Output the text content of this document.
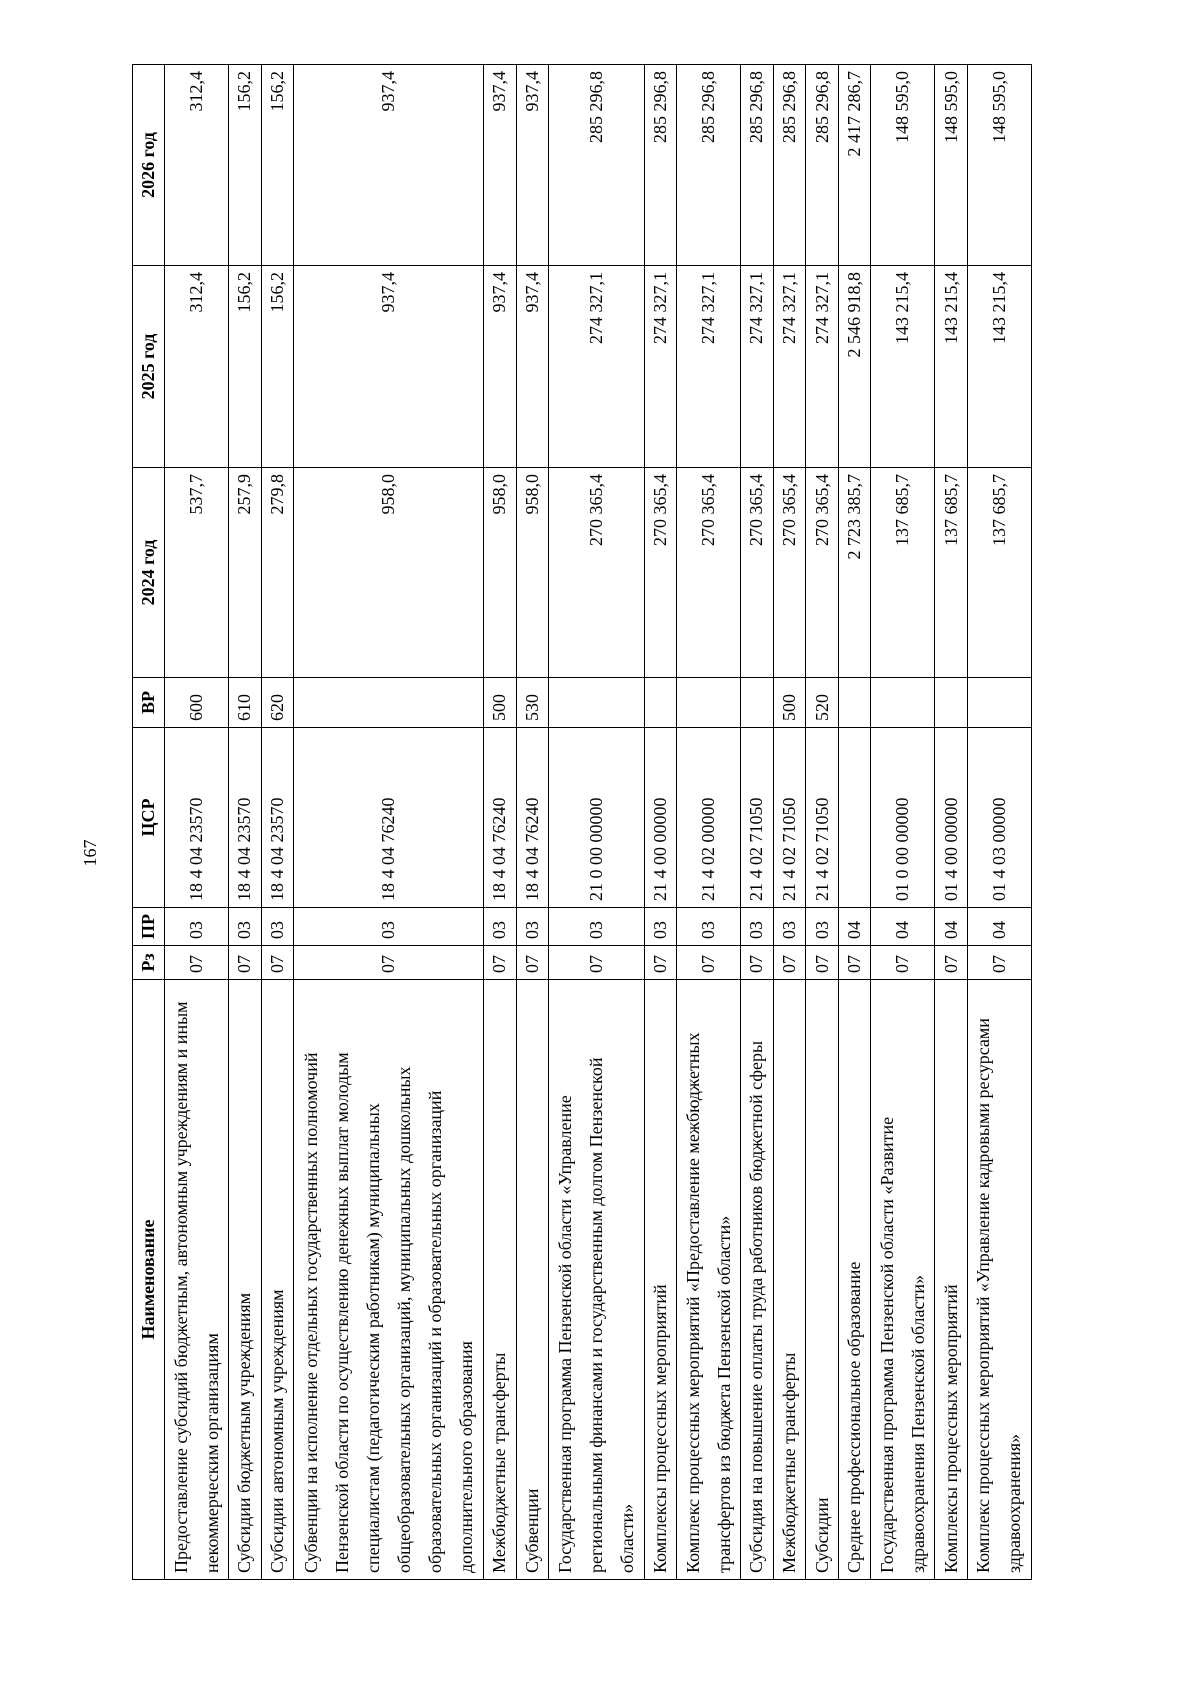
167
Наименование	Рз	ПР	ЦСР	ВР	2024 год	2025 год	2026 год
Предоставление субсидий бюджетным, автономным учреждениям и иным некоммерческим организациям	07	03	18 4 04 23570	600	537,7	312,4	312,4
Субсидии бюджетным учреждениям	07	03	18 4 04 23570	610	257,9	156,2	156,2
Субсидии автономным учреждениям	07	03	18 4 04 23570	620	279,8	156,2	156,2
Субвенции на исполнение отдельных государственных полномочий Пензенской области по осуществлению денежных выплат молодым специалистам (педагогическим работникам) муниципальных общеобразовательных организаций, муниципальных дошкольных образовательных организаций и образовательных организаций дополнительного образования	07	03	18 4 04 76240		958,0	937,4	937,4
Межбюджетные трансферты	07	03	18 4 04 76240	500	958,0	937,4	937,4
Субвенции	07	03	18 4 04 76240	530	958,0	937,4	937,4
Государственная программа Пензенской области «Управление региональными финансами и государственным долгом Пензенской области»	07	03	21 0 00 00000		270 365,4	274 327,1	285 296,8
Комплексы процессных мероприятий	07	03	21 4 00 00000		270 365,4	274 327,1	285 296,8
Комплекс процессных мероприятий «Предоставление межбюджетных трансфертов из бюджета Пензенской области»	07	03	21 4 02 00000		270 365,4	274 327,1	285 296,8
Субсидия на повышение оплаты труда работников бюджетной сферы	07	03	21 4 02 71050		270 365,4	274 327,1	285 296,8
Межбюджетные трансферты	07	03	21 4 02 71050	500	270 365,4	274 327,1	285 296,8
Субсидии	07	03	21 4 02 71050	520	270 365,4	274 327,1	285 296,8
Среднее профессиональное образование	07	04			2 723 385,7	2 546 918,8	2 417 286,7
Государственная программа Пензенской области «Развитие здравоохранения Пензенской области»	07	04	01 0 00 00000		137 685,7	143 215,4	148 595,0
Комплексы процессных мероприятий	07	04	01 4 00 00000		137 685,7	143 215,4	148 595,0
Комплекс процессных мероприятий «Управление кадровыми ресурсами здравоохранения»	07	04	01 4 03 00000		137 685,7	143 215,4	148 595,0
